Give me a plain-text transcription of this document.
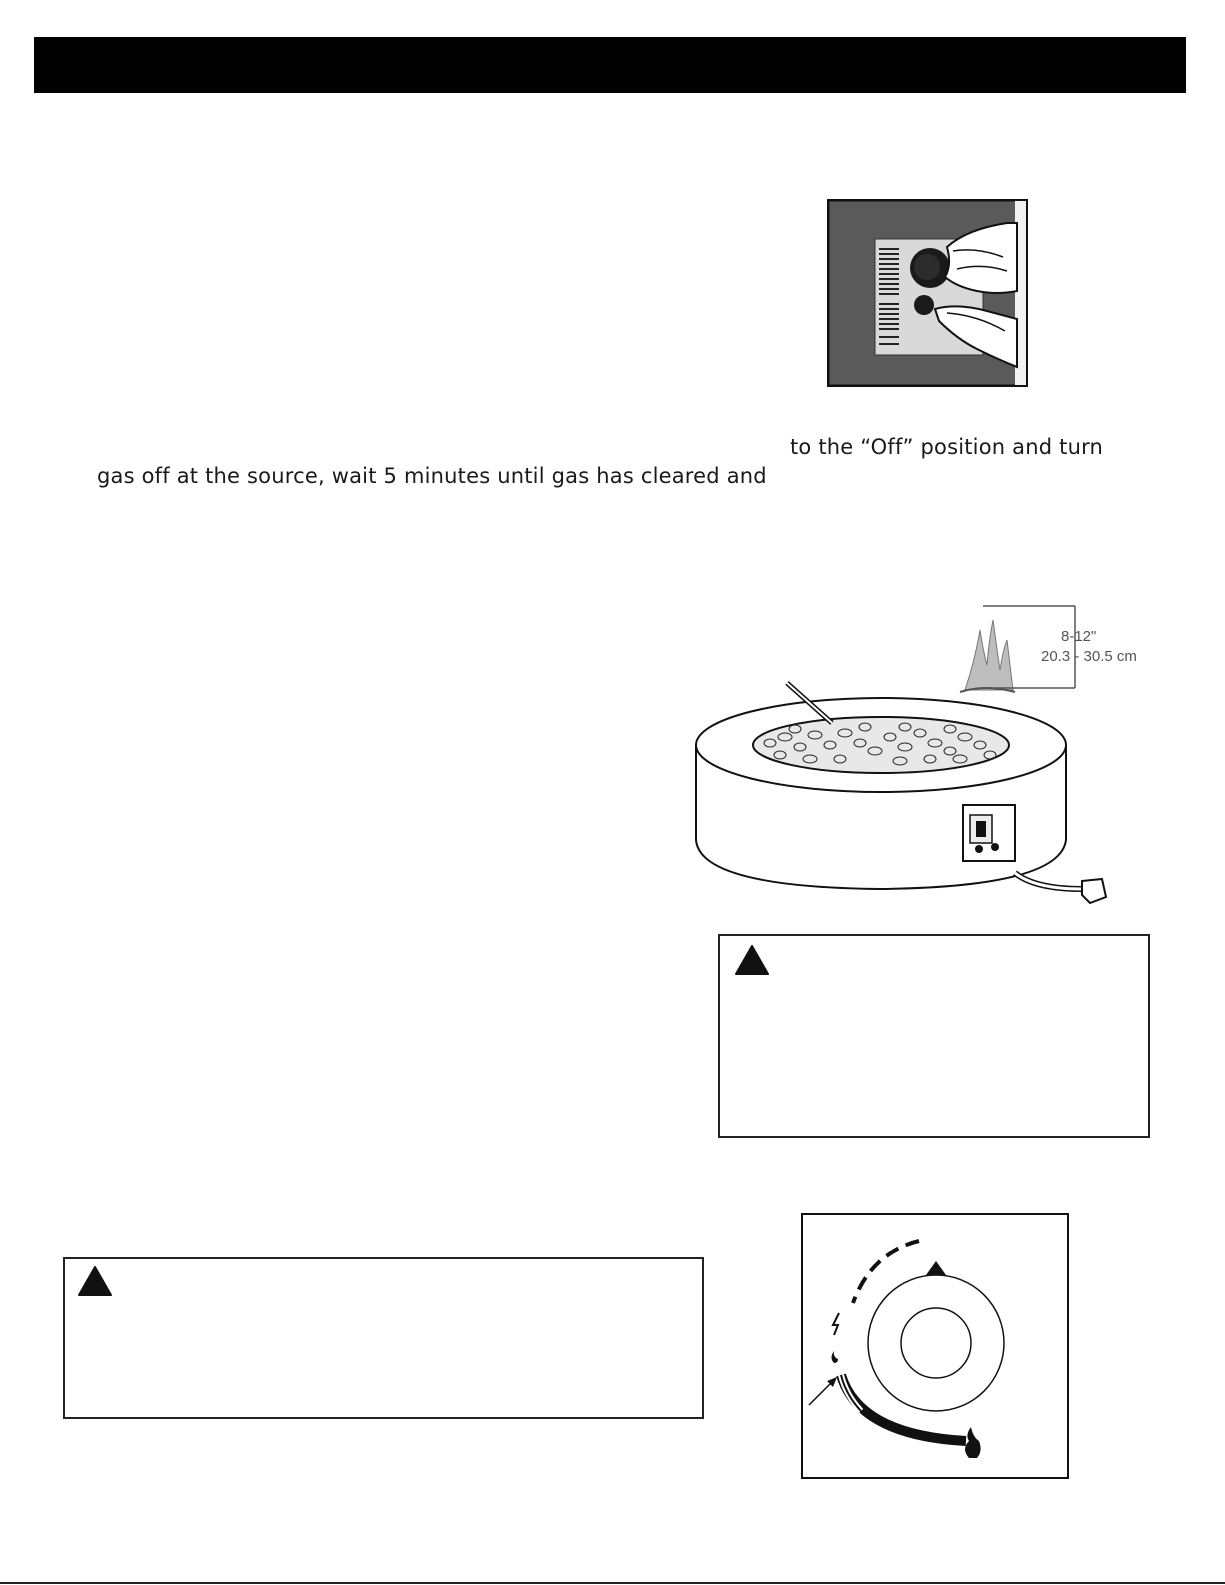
to the “Off” position and turn
gas off at the source, wait 5 minutes until gas has cleared and
8-12"
20.3 - 30.5 cm
